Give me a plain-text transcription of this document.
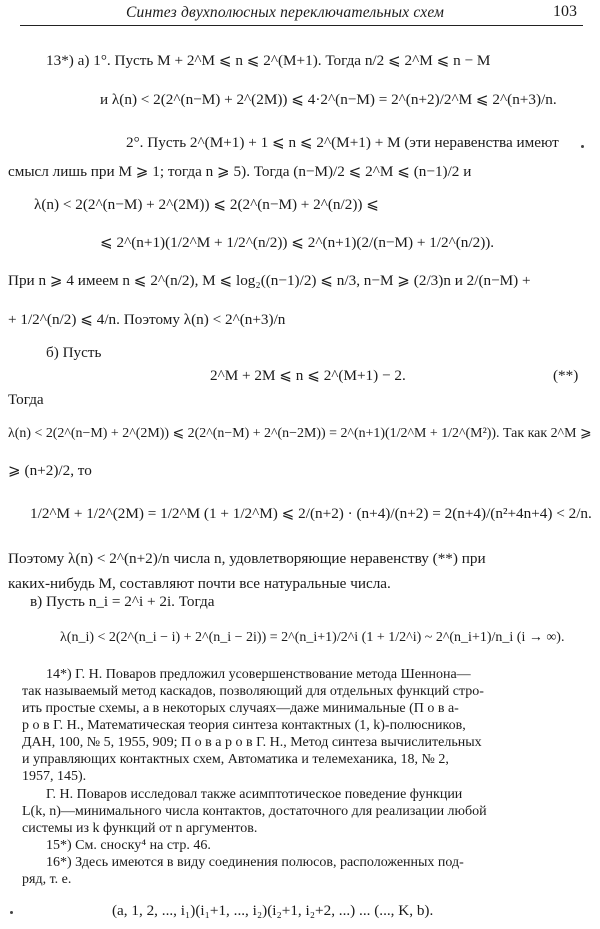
Синтез двухполюсных переключательных схем	103
13*) а) 1°. Пусть M + 2^M ⩽ n ⩽ 2^(M+1). Тогда n/2 ⩽ 2^M ⩽ n − M
и λ(n) < 2(2^(n−M) + 2^(2M)) ⩽ 4·2^(n−M) = 2^(n+2)/2^M ⩽ 2^(n+3)/n.
2°. Пусть 2^(M+1) + 1 ⩽ n ⩽ 2^(M+1) + M (эти неравенства имеют
смысл лишь при M ⩾ 1; тогда n ⩾ 5). Тогда (n−M)/2 ⩽ 2^M ⩽ (n−1)/2 и
λ(n) < 2(2^(n−M) + 2^(2M)) ⩽ 2(2^(n−M) + 2^(n/2)) ⩽
⩽ 2^(n+1)(1/2^M + 1/2^(n/2)) ⩽ 2^(n+1)(2/(n−M) + 1/2^(n/2)).
При n ⩾ 4 имеем n ⩽ 2^(n/2), M ⩽ log₂((n−1)/2) ⩽ n/3, n−M ⩾ (2/3)n и 2/(n−M) +
+ 1/2^(n/2) ⩽ 4/n. Поэтому λ(n) < 2^(n+3)/n
б) Пусть
2^M + 2M ⩽ n ⩽ 2^(M+1) − 2.	(**)
Тогда
λ(n) < 2(2^(n−M) + 2^(2M)) ⩽ 2(2^(n−M) + 2^(n−2M)) = 2^(n+1)(1/2^M + 1/2^(M²)). Так как 2^M ⩾
⩾ (n+2)/2, то
1/2^M + 1/2^(2M) = 1/2^M (1 + 1/2^M) ⩽ 2/(n+2) · (n+4)/(n+2) = 2(n+4)/(n²+4n+4) < 2/n.
Поэтому λ(n) < 2^(n+2)/n числа n, удовлетворяющие неравенству (**) при
каких-нибудь M, составляют почти все натуральные числа.
в) Пусть n_i = 2^i + 2i. Тогда
λ(n_i) < 2(2^(n_i − i) + 2^(n_i − 2i)) = 2^(n_i+1)/2^i (1 + 1/2^i) ~ 2^(n_i+1)/n_i (i → ∞).
14*) Г. Н. Поваров предложил усовершенствование метода Шеннона—
так называемый метод каскадов, позволяющий для отдельных функций стро-
ить простые схемы, а в некоторых случаях—даже минимальные (П о в а-
р о в Г. Н., Математическая теория синтеза контактных (1, k)-полюсников,
ДАН, 100, № 5, 1955, 909; П о в а р о в Г. Н., Метод синтеза вычислительных
и управляющих контактных схем, Автоматика и телемеханика, 18, № 2,
1957, 145).
Г. Н. Поваров исследовал также асимптотическое поведение функции
L(k, n)—минимального числа контактов, достаточного для реализации любой
системы из k функций от n аргументов.
15*) См. сноску⁴ на стр. 46.
16*) Здесь имеются в виду соединения полюсов, расположенных под-
ряд, т. е.
(a, 1, 2, ..., i₁)(i₁+1, ..., i₂)(i₂+1, i₂+2, ...) ... (..., K, b).
